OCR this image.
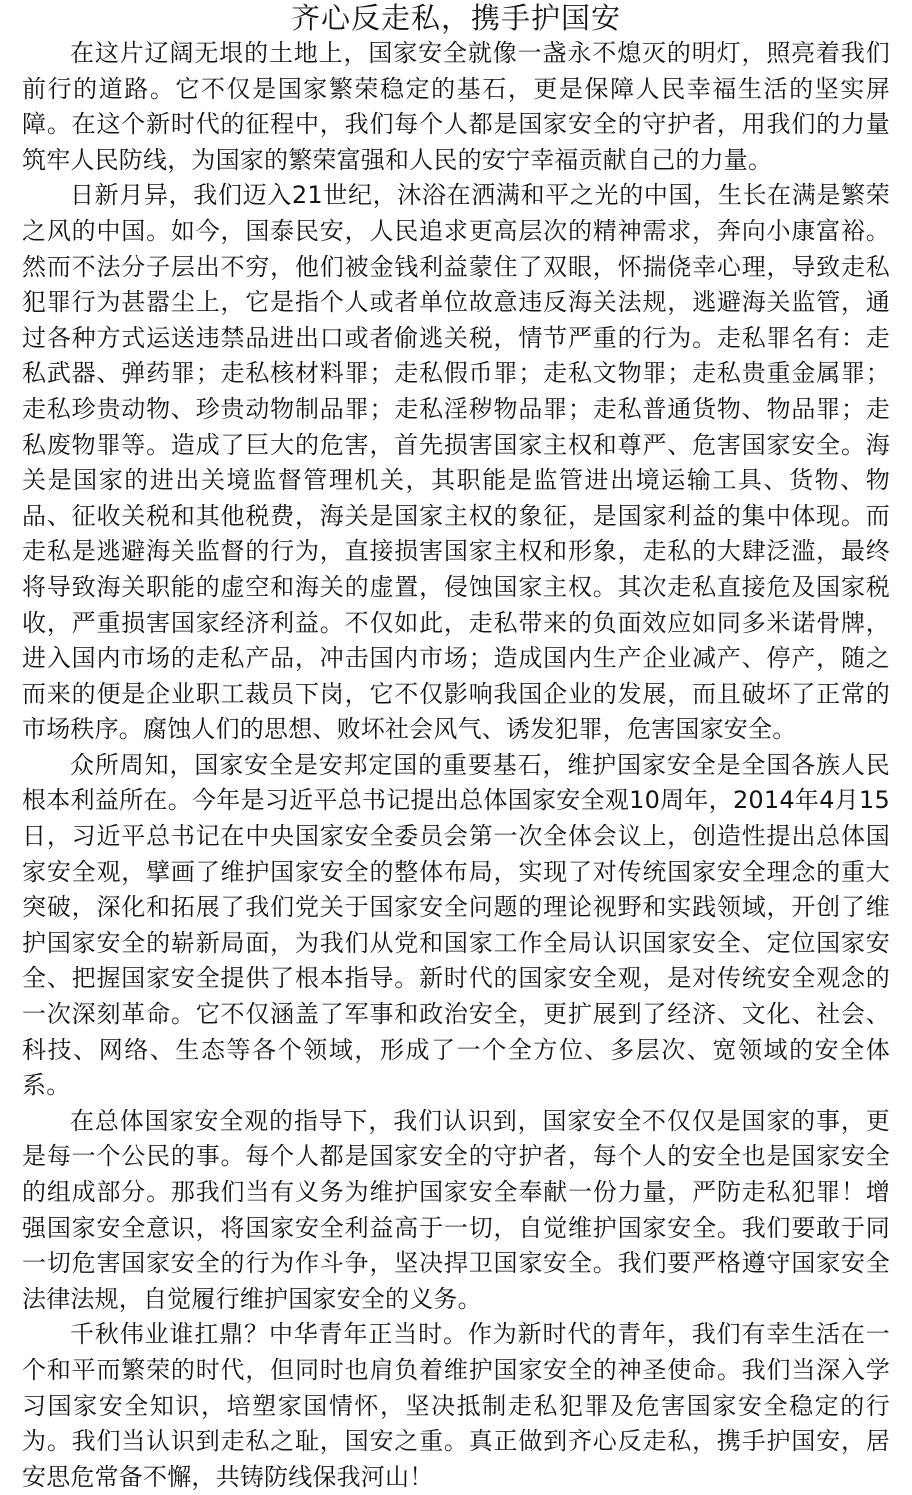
齐心反走私，携手护国安

在这片辽阔无垠的土地上，国家安全就像一盏永不熄灭的明灯，照亮着我们前行的道路。它不仅是国家繁荣稳定的基石，更是保障人民幸福生活的坚实屏障。在这个新时代的征程中，我们每个人都是国家安全的守护者，用我们的力量筑牢人民防线，为国家的繁荣富强和人民的安宁幸福贡献自己的力量。

日新月异，我们迈入21世纪，沐浴在洒满和平之光的中国，生长在满是繁荣之风的中国。如今，国泰民安，人民追求更高层次的精神需求，奔向小康富裕。然而不法分子层出不穷，他们被金钱利益蒙住了双眼，怀揣侥幸心理，导致走私犯罪行为甚嚣尘上，它是指个人或者单位故意违反海关法规，逃避海关监管，通过各种方式运送违禁品进出口或者偷逃关税，情节严重的行为。走私罪名有：走私武器、弹药罪；走私核材料罪；走私假币罪；走私文物罪；走私贵重金属罪；走私珍贵动物、珍贵动物制品罪；走私淫秽物品罪；走私普通货物、物品罪；走私废物罪等。造成了巨大的危害，首先损害国家主权和尊严、危害国家安全。海关是国家的进出关境监督管理机关，其职能是监管进出境运输工具、货物、物品、征收关税和其他税费，海关是国家主权的象征，是国家利益的集中体现。而走私是逃避海关监督的行为，直接损害国家主权和形象，走私的大肆泛滥，最终将导致海关职能的虚空和海关的虚置，侵蚀国家主权。其次走私直接危及国家税收，严重损害国家经济利益。不仅如此，走私带来的负面效应如同多米诺骨牌，进入国内市场的走私产品，冲击国内市场；造成国内生产企业减产、停产，随之而来的便是企业职工裁员下岗，它不仅影响我国企业的发展，而且破坏了正常的市场秩序。腐蚀人们的思想、败坏社会风气、诱发犯罪，危害国家安全。

众所周知，国家安全是安邦定国的重要基石，维护国家安全是全国各族人民根本利益所在。今年是习近平总书记提出总体国家安全观10周年，2014年4月15日，习近平总书记在中央国家安全委员会第一次全体会议上，创造性提出总体国家安全观，擘画了维护国家安全的整体布局，实现了对传统国家安全理念的重大突破，深化和拓展了我们党关于国家安全问题的理论视野和实践领域，开创了维护国家安全的崭新局面，为我们从党和国家工作全局认识国家安全、定位国家安全、把握国家安全提供了根本指导。新时代的国家安全观，是对传统安全观念的一次深刻革命。它不仅涵盖了军事和政治安全，更扩展到了经济、文化、社会、科技、网络、生态等各个领域，形成了一个全方位、多层次、宽领域的安全体系。

在总体国家安全观的指导下，我们认识到，国家安全不仅仅是国家的事，更是每一个公民的事。每个人都是国家安全的守护者，每个人的安全也是国家安全的组成部分。那我们当有义务为维护国家安全奉献一份力量，严防走私犯罪！增强国家安全意识，将国家安全利益高于一切，自觉维护国家安全。我们要敢于同一切危害国家安全的行为作斗争，坚决捍卫国家安全。我们要严格遵守国家安全法律法规，自觉履行维护国家安全的义务。

千秋伟业谁扛鼎？中华青年正当时。作为新时代的青年，我们有幸生活在一个和平而繁荣的时代，但同时也肩负着维护国家安全的神圣使命。我们当深入学习国家安全知识，培塑家国情怀，坚决抵制走私犯罪及危害国家安全稳定的行为。我们当认识到走私之耻，国安之重。真正做到齐心反走私，携手护国安，居安思危常备不懈，共铸防线保我河山！
